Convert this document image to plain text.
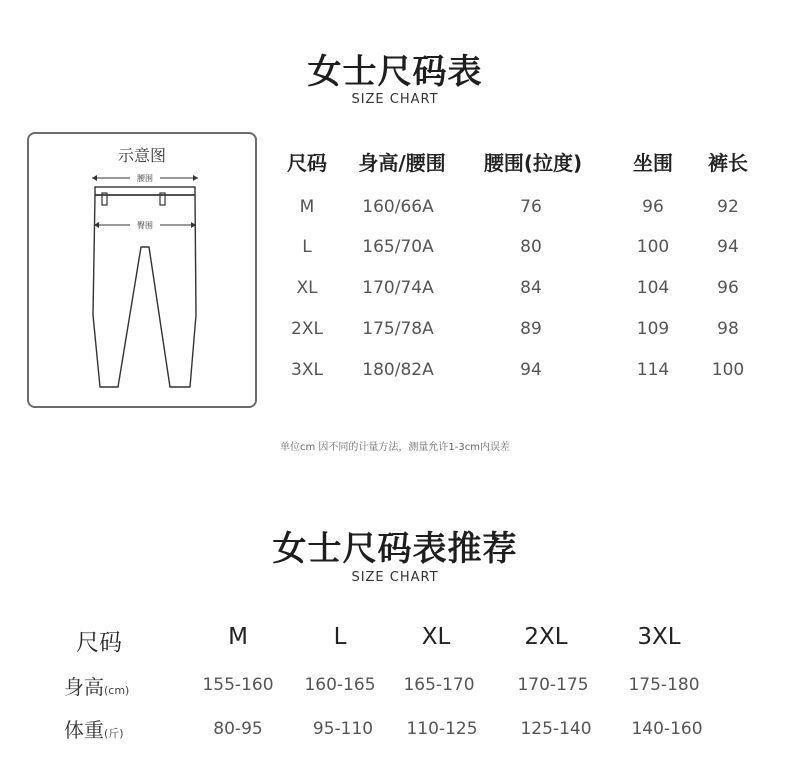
女士尺码表
SIZE CHART
示意图
腰围
臀围
尺码	身高/腰围	腰围(拉度)	坐围	裤长
M	160/66A	76	96	92
L	165/70A	80	100	94
XL	170/74A	84	104	96
2XL	175/78A	89	109	98
3XL	180/82A	94	114	100
单位cm 因不同的计量方法，测量允许1-3cm内误差
女士尺码表推荐
SIZE CHART
尺码	M	L	XL	2XL	3XL
身高(cm)	155-160	160-165	165-170	170-175	175-180
体重(斤)	80-95	95-110	110-125	125-140	140-160
